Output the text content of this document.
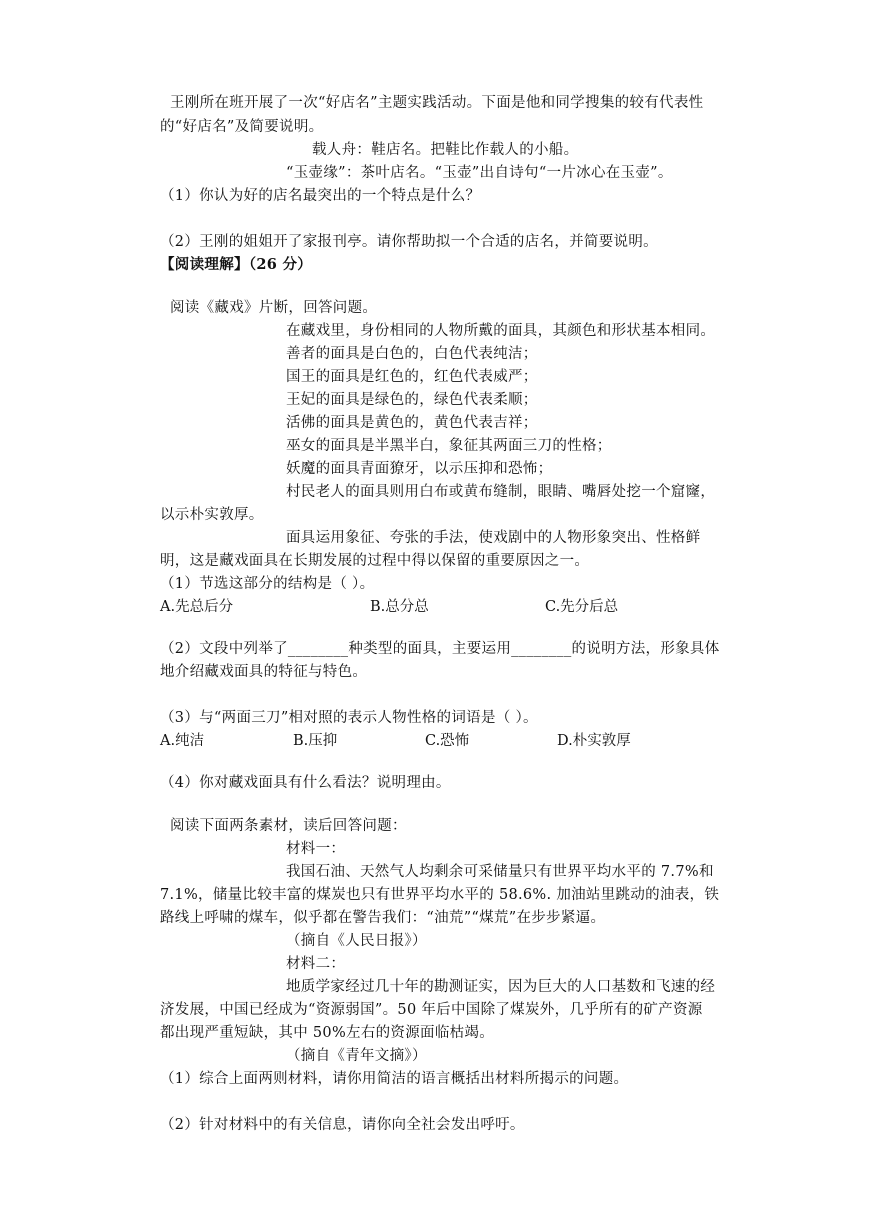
王刚所在班开展了一次“好店名”主题实践活动。下面是他和同学搜集的较有代表性
的“好店名”及简要说明。
载人舟：鞋店名。把鞋比作载人的小船。
“玉壶缘”：茶叶店名。“玉壶”出自诗句“一片冰心在玉壶”。
（1）你认为好的店名最突出的一个特点是什么？
（2）王刚的姐姐开了家报刊亭。请你帮助拟一个合适的店名，并简要说明。
【阅读理解】（26 分）
阅读《藏戏》片断，回答问题。
在藏戏里，身份相同的人物所戴的面具，其颜色和形状基本相同。
善者的面具是白色的，白色代表纯洁；
国王的面具是红色的，红色代表威严；
王妃的面具是绿色的，绿色代表柔顺；
活佛的面具是黄色的，黄色代表吉祥；
巫女的面具是半黑半白，象征其两面三刀的性格；
妖魔的面具青面獠牙，以示压抑和恐怖；
村民老人的面具则用白布或黄布缝制，眼睛、嘴唇处挖一个窟窿，
以示朴实敦厚。
面具运用象征、夸张的手法，使戏剧中的人物形象突出、性格鲜
明，这是藏戏面具在长期发展的过程中得以保留的重要原因之一。
（1）节选这部分的结构是（ ）。
A.先总后分	B.总分总	C.先分后总
（2）文段中列举了________种类型的面具，主要运用________的说明方法，形象具体
地介绍藏戏面具的特征与特色。
（3）与“两面三刀”相对照的表示人物性格的词语是（ ）。
A.纯洁	B.压抑	C.恐怖	D.朴实敦厚
（4）你对藏戏面具有什么看法？说明理由。
阅读下面两条素材，读后回答问题：
材料一：
我国石油、天然气人均剩余可采储量只有世界平均水平的 7.7%和
7.1%，储量比较丰富的煤炭也只有世界平均水平的 58.6%. 加油站里跳动的油表，铁
路线上呼啸的煤车，似乎都在警告我们：“油荒”“煤荒”在步步紧逼。
（摘自《人民日报》）
材料二：
地质学家经过几十年的勘测证实，因为巨大的人口基数和飞速的经
济发展，中国已经成为“资源弱国”。50 年后中国除了煤炭外，几乎所有的矿产资源
都出现严重短缺，其中 50%左右的资源面临枯竭。
（摘自《青年文摘》）
（1）综合上面两则材料，请你用简洁的语言概括出材料所揭示的问题。
（2）针对材料中的有关信息，请你向全社会发出呼吁。
